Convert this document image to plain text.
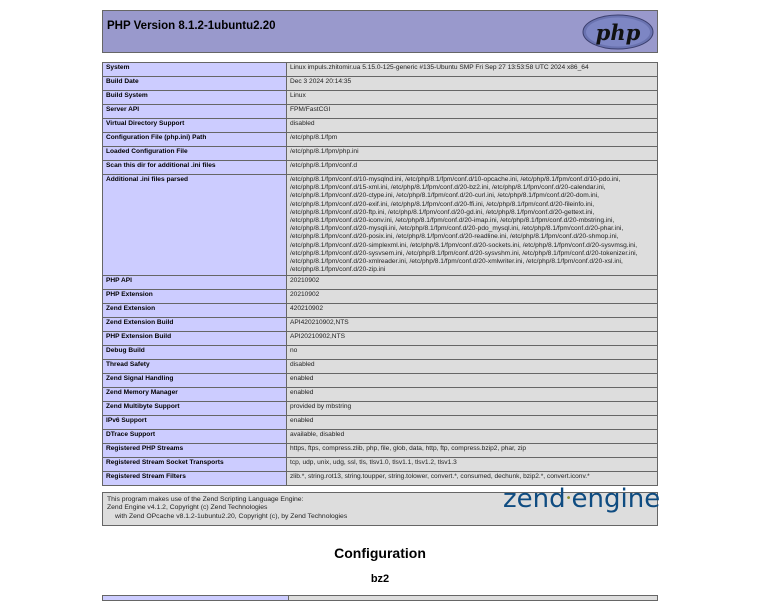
PHP Version 8.1.2-1ubuntu2.20	php
System	Linux impuls.zhitomir.ua 5.15.0-125-generic #135-Ubuntu SMP Fri Sep 27 13:53:58 UTC 2024 x86_64
Build Date	Dec 3 2024 20:14:35
Build System	Linux
Server API	FPM/FastCGI
Virtual Directory Support	disabled
Configuration File (php.ini) Path	/etc/php/8.1/fpm
Loaded Configuration File	/etc/php/8.1/fpm/php.ini
Scan this dir for additional .ini files	/etc/php/8.1/fpm/conf.d
Additional .ini files parsed	/etc/php/8.1/fpm/conf.d/10-mysqlnd.ini, /etc/php/8.1/fpm/conf.d/10-opcache.ini, /etc/php/8.1/fpm/conf.d/10-pdo.ini, /etc/php/8.1/fpm/conf.d/15-xml.ini, /etc/php/8.1/fpm/conf.d/20-bz2.ini, /etc/php/8.1/fpm/conf.d/20-calendar.ini, /etc/php/8.1/fpm/conf.d/20-ctype.ini, /etc/php/8.1/fpm/conf.d/20-curl.ini, /etc/php/8.1/fpm/conf.d/20-dom.ini, /etc/php/8.1/fpm/conf.d/20-exif.ini, /etc/php/8.1/fpm/conf.d/20-ffi.ini, /etc/php/8.1/fpm/conf.d/20-fileinfo.ini, /etc/php/8.1/fpm/conf.d/20-ftp.ini, /etc/php/8.1/fpm/conf.d/20-gd.ini, /etc/php/8.1/fpm/conf.d/20-gettext.ini, /etc/php/8.1/fpm/conf.d/20-iconv.ini, /etc/php/8.1/fpm/conf.d/20-imap.ini, /etc/php/8.1/fpm/conf.d/20-mbstring.ini, /etc/php/8.1/fpm/conf.d/20-mysqli.ini, /etc/php/8.1/fpm/conf.d/20-pdo_mysql.ini, /etc/php/8.1/fpm/conf.d/20-phar.ini, /etc/php/8.1/fpm/conf.d/20-posix.ini, /etc/php/8.1/fpm/conf.d/20-readline.ini, /etc/php/8.1/fpm/conf.d/20-shmop.ini, /etc/php/8.1/fpm/conf.d/20-simplexml.ini, /etc/php/8.1/fpm/conf.d/20-sockets.ini, /etc/php/8.1/fpm/conf.d/20-sysvmsg.ini, /etc/php/8.1/fpm/conf.d/20-sysvsem.ini, /etc/php/8.1/fpm/conf.d/20-sysvshm.ini, /etc/php/8.1/fpm/conf.d/20-tokenizer.ini, /etc/php/8.1/fpm/conf.d/20-xmlreader.ini, /etc/php/8.1/fpm/conf.d/20-xmlwriter.ini, /etc/php/8.1/fpm/conf.d/20-xsl.ini, /etc/php/8.1/fpm/conf.d/20-zip.ini
PHP API	20210902
PHP Extension	20210902
Zend Extension	420210902
Zend Extension Build	API420210902,NTS
PHP Extension Build	API20210902,NTS
Debug Build	no
Thread Safety	disabled
Zend Signal Handling	enabled
Zend Memory Manager	enabled
Zend Multibyte Support	provided by mbstring
IPv6 Support	enabled
DTrace Support	available, disabled
Registered PHP Streams	https, ftps, compress.zlib, php, file, glob, data, http, ftp, compress.bzip2, phar, zip
Registered Stream Socket Transports	tcp, udp, unix, udg, ssl, tls, tlsv1.0, tlsv1.1, tlsv1.2, tlsv1.3
Registered Stream Filters	zlib.*, string.rot13, string.toupper, string.tolower, convert.*, consumed, dechunk, bzip2.*, convert.iconv.*
This program makes use of the Zend Scripting Language Engine:
Zend Engine v4.1.2, Copyright (c) Zend Technologies
with Zend OPcache v8.1.2-1ubuntu2.20, Copyright (c), by Zend Technologies
zend•engine
Configuration
bz2
